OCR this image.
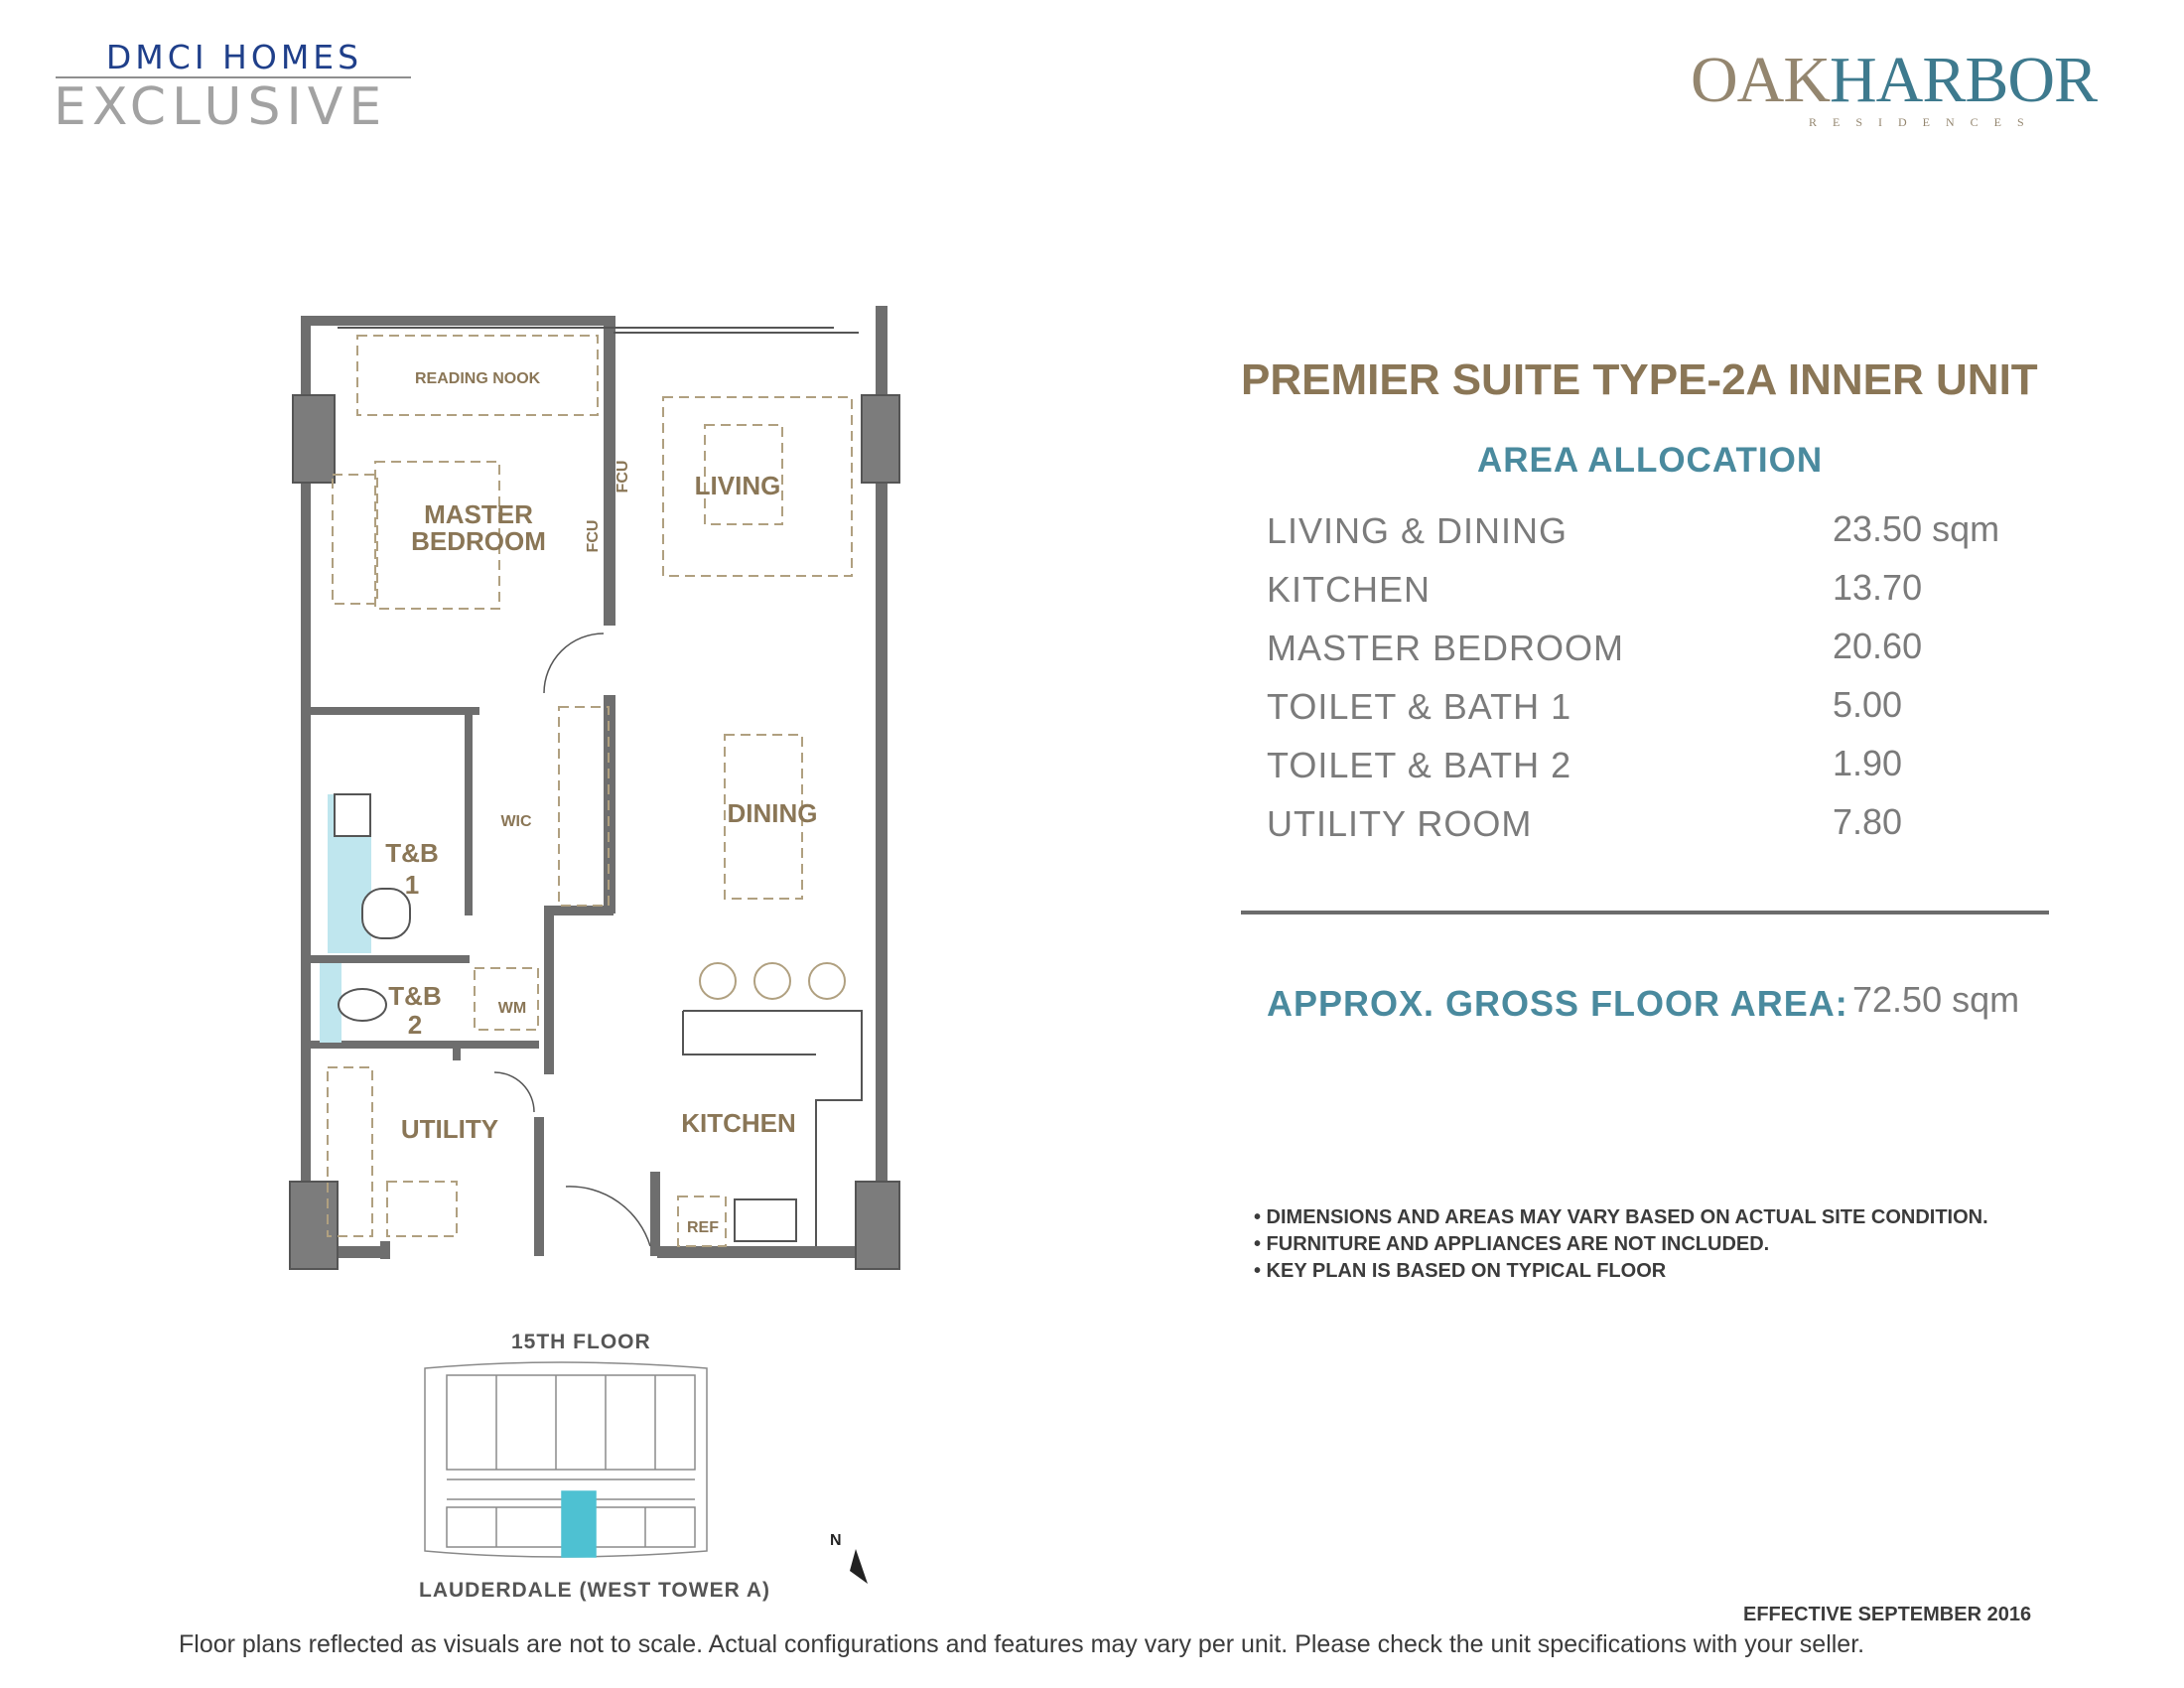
DMCI HOMES
EXCLUSIVE	OAKHARBOR
RESIDENCES
READING NOOK
MASTER
BEDROOM
LIVING
DINING
KITCHEN
UTILITY
WIC
T&B
1
T&B
2
WM
REF
FCU
FCU
N
PREMIER SUITE TYPE-2A INNER UNIT
AREA ALLOCATION
LIVING & DINING	23.50 sqm
KITCHEN	13.70
MASTER BEDROOM	20.60
TOILET & BATH 1	5.00
TOILET & BATH 2	1.90
UTILITY ROOM	7.80
APPROX. GROSS FLOOR AREA: 72.50 sqm
• DIMENSIONS AND AREAS MAY VARY BASED ON ACTUAL SITE CONDITION.
• FURNITURE AND APPLIANCES ARE NOT INCLUDED.
• KEY PLAN IS BASED ON TYPICAL FLOOR
15TH FLOOR
LAUDERDALE (WEST TOWER A)
EFFECTIVE SEPTEMBER 2016
Floor plans reflected as visuals are not to scale. Actual configurations and features may vary per unit. Please check the unit specifications with your seller.
